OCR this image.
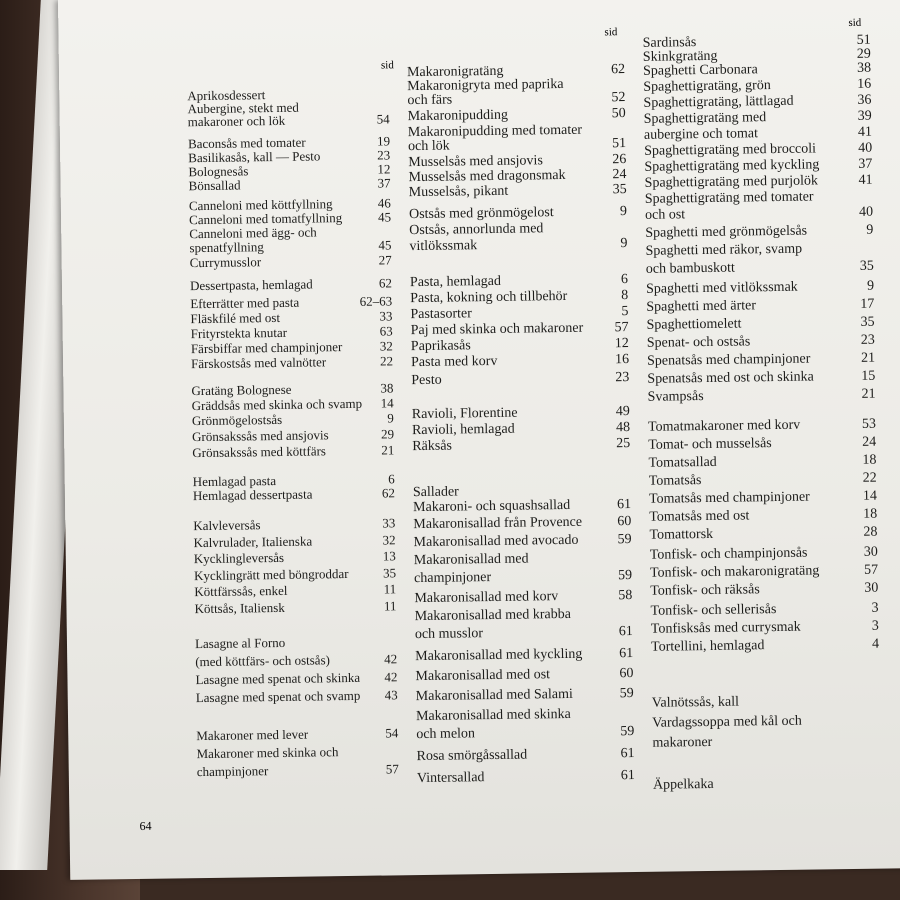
Aprikosdessert
Aubergine, stekt med
makaroner och lök	54
Baconsås med tomater	19
Basilikasås, kall — Pesto	23
Bolognesås	12
Bönsallad	37
Canneloni med köttfyllning	46
Canneloni med tomatfyllning	45
Canneloni med ägg- och
spenatfyllning	45
Currymusslor	27
Dessertpasta, hemlagad	62
Efterrätter med pasta	62–63
Fläskfilé med ost	33
Frityrstekta knutar	63
Färsbiffar med champinjoner	32
Färskostsås med valnötter	22
Gratäng Bolognese	38
Gräddsås med skinka och svamp 14
Grönmögelostsås	9
Grönsakssås med ansjovis	29
Grönsakssås med köttfärs	21
Hemlagad pasta	6
Hemlagad dessertpasta	62
Kalvleversås	33
Kalvrulader, Italienska	32
Kycklingleversås	13
Kycklingrätt med böngroddar	35
Köttfärssås, enkel	11
Köttsås, Italiensk	11
Lasagne al Forno
(med köttfärs- och ostsås)	42
Lasagne med spenat och skinka 42
Lasagne med spenat och svamp 43
Makaroner med lever	54
Makaroner med skinka och
champinjoner	57
sid Makaronigratäng	62
Makaronigryta med paprika
och färs	52
Makaronipudding	50
Makaronipudding med tomater
och lök	51
Musselsås med ansjovis	26
Musselsås med dragonsmak	24
Musselsås, pikant	35
Ostsås med grönmögelost	9
Ostsås, annorlunda med
vitlökssmak	9
Pasta, hemlagad	6
Pasta, kokning och tillbehör	8
Pastasorter	5
Paj med skinka och makaroner 57
Paprikasås	12
Pasta med korv	16
Pesto	23
Ravioli, Florentine	49
Ravioli, hemlagad	48
Räksås	25
Sallader
Makaroni- och squashsallad	61
Makaronisallad från Provence	60
Makaronisallad med avocado	59
Makaronisallad med
champinjoner	59
Makaronisallad med korv	58
Makaronisallad med krabba
och musslor	61
Makaronisallad med kyckling	61
Makaronisallad med ost	60
Makaronisallad med Salami	59
Makaronisallad med skinka
och melon	59
Rosa smörgåssallad	61
Vintersallad	61
sid
Sardinsås	51
Skinkgratäng	29
Spaghetti Carbonara	38
Spaghettigratäng, grön	16
Spaghettigratäng, lättlagad	36
Spaghettigratäng med	39
aubergine och tomat	41
Spaghettigratäng med broccoli	40
Spaghettigratäng med kyckling	37
Spaghettigratäng med purjolök	41
Spaghettigratäng med tomater
och ost	40
Spaghetti med grönmögelsås	9
Spaghetti med räkor, svamp
och bambuskott	35
Spaghetti med vitlökssmak	9
Spaghetti med ärter	17
Spaghettiomelett	35
Spenat- och ostsås	23
Spenatsås med champinjoner	21
Spenatsås med ost och skinka	15
Svampsås	21
Tomatmakaroner med korv	53
Tomat- och musselsås	24
Tomatsallad	18
Tomatsås	22
Tomatsås med champinjoner	14
Tomatsås med ost	18
Tomattorsk	28
Tonfisk- och champinjonsås	30
Tonfisk- och makaronigratäng	57
Tonfisk- och räksås	30
Tonfisk- och sellerisås	3
Tonfisksås med currysmak	3
Tortellini, hemlagad	4
Valnötssås, kall
Vardagssoppa med kål och
makaroner
Äppelkaka
sid
64
